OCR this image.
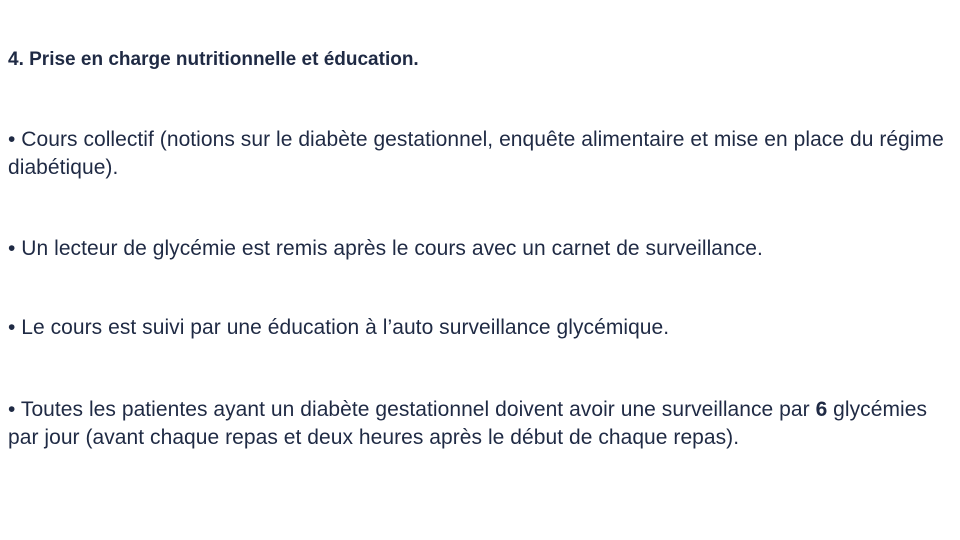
4. Prise en charge nutritionnelle et éducation.
• Cours collectif (notions sur le diabète gestationnel, enquête alimentaire et mise en place du régime diabétique).
• Un lecteur de glycémie est remis après le cours avec un carnet de surveillance.
• Le cours est suivi par une éducation à l’auto surveillance glycémique.
• Toutes les patientes ayant un diabète gestationnel doivent avoir une surveillance par 6 glycémies par jour (avant chaque repas et deux heures après le début de chaque repas).
